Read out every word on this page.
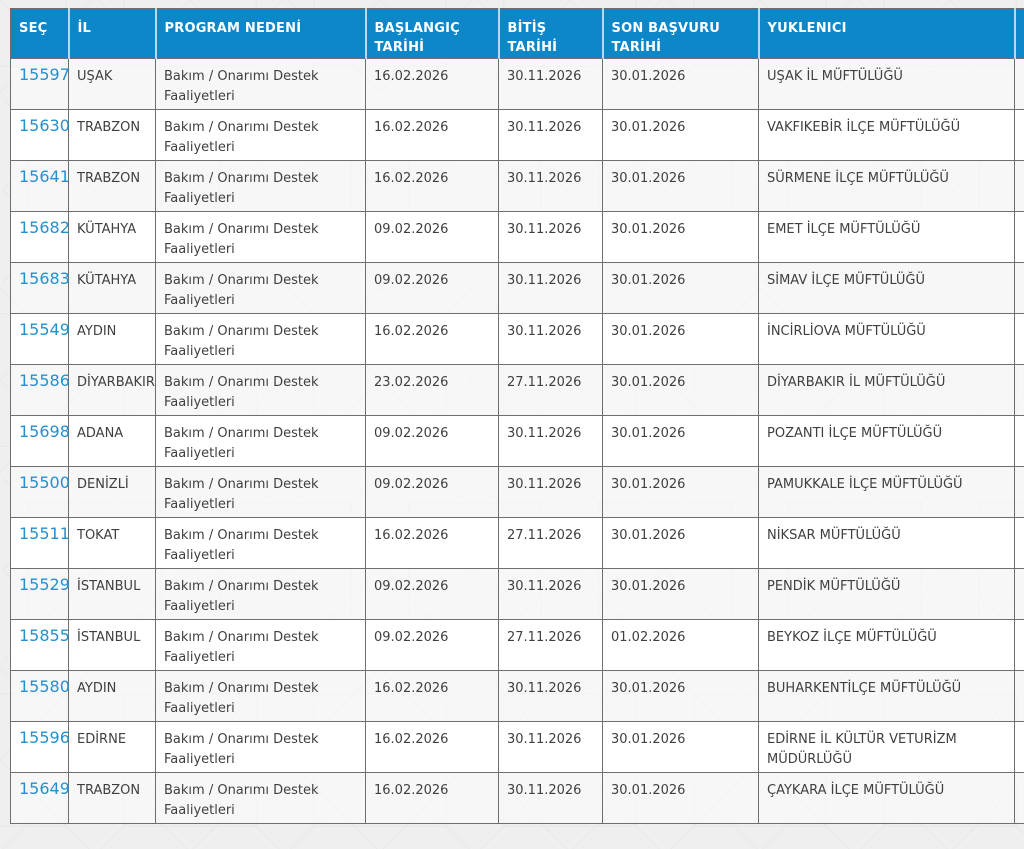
SEÇ	İL	PROGRAM NEDENİ	BAŞLANGIÇ TARİHİ	BİTİŞ TARİHİ	SON BAŞVURU TARİHİ	YUKLENICI	
15597	UŞAK	Bakım / Onarımı Destek Faaliyetleri	16.02.2026	30.11.2026	30.01.2026	UŞAK İL MÜFTÜLÜĞÜ	
15630	TRABZON	Bakım / Onarımı Destek Faaliyetleri	16.02.2026	30.11.2026	30.01.2026	VAKFIKEBİR İLÇE MÜFTÜLÜĞÜ	
15641	TRABZON	Bakım / Onarımı Destek Faaliyetleri	16.02.2026	30.11.2026	30.01.2026	SÜRMENE İLÇE MÜFTÜLÜĞÜ	
15682	KÜTAHYA	Bakım / Onarımı Destek Faaliyetleri	09.02.2026	30.11.2026	30.01.2026	EMET İLÇE MÜFTÜLÜĞÜ	
15683	KÜTAHYA	Bakım / Onarımı Destek Faaliyetleri	09.02.2026	30.11.2026	30.01.2026	SİMAV İLÇE MÜFTÜLÜĞÜ	
15549	AYDIN	Bakım / Onarımı Destek Faaliyetleri	16.02.2026	30.11.2026	30.01.2026	İNCİRLİOVA MÜFTÜLÜĞÜ	
15586	DİYARBAKIR	Bakım / Onarımı Destek Faaliyetleri	23.02.2026	27.11.2026	30.01.2026	DİYARBAKIR İL MÜFTÜLÜĞÜ	
15698	ADANA	Bakım / Onarımı Destek Faaliyetleri	09.02.2026	30.11.2026	30.01.2026	POZANTI İLÇE MÜFTÜLÜĞÜ	
15500	DENİZLİ	Bakım / Onarımı Destek Faaliyetleri	09.02.2026	30.11.2026	30.01.2026	PAMUKKALE İLÇE MÜFTÜLÜĞÜ	
15511	TOKAT	Bakım / Onarımı Destek Faaliyetleri	16.02.2026	27.11.2026	30.01.2026	NİKSAR MÜFTÜLÜĞÜ	
15529	İSTANBUL	Bakım / Onarımı Destek Faaliyetleri	09.02.2026	30.11.2026	30.01.2026	PENDİK MÜFTÜLÜĞÜ	
15855	İSTANBUL	Bakım / Onarımı Destek Faaliyetleri	09.02.2026	27.11.2026	01.02.2026	BEYKOZ İLÇE MÜFTÜLÜĞÜ	
15580	AYDIN	Bakım / Onarımı Destek Faaliyetleri	16.02.2026	30.11.2026	30.01.2026	BUHARKENTİLÇE MÜFTÜLÜĞÜ	
15596	EDİRNE	Bakım / Onarımı Destek Faaliyetleri	16.02.2026	30.11.2026	30.01.2026	EDİRNE İL KÜLTÜR VETURİZM MÜDÜRLÜĞÜ	
15649	TRABZON	Bakım / Onarımı Destek Faaliyetleri	16.02.2026	30.11.2026	30.01.2026	ÇAYKARA İLÇE MÜFTÜLÜĞÜ	
